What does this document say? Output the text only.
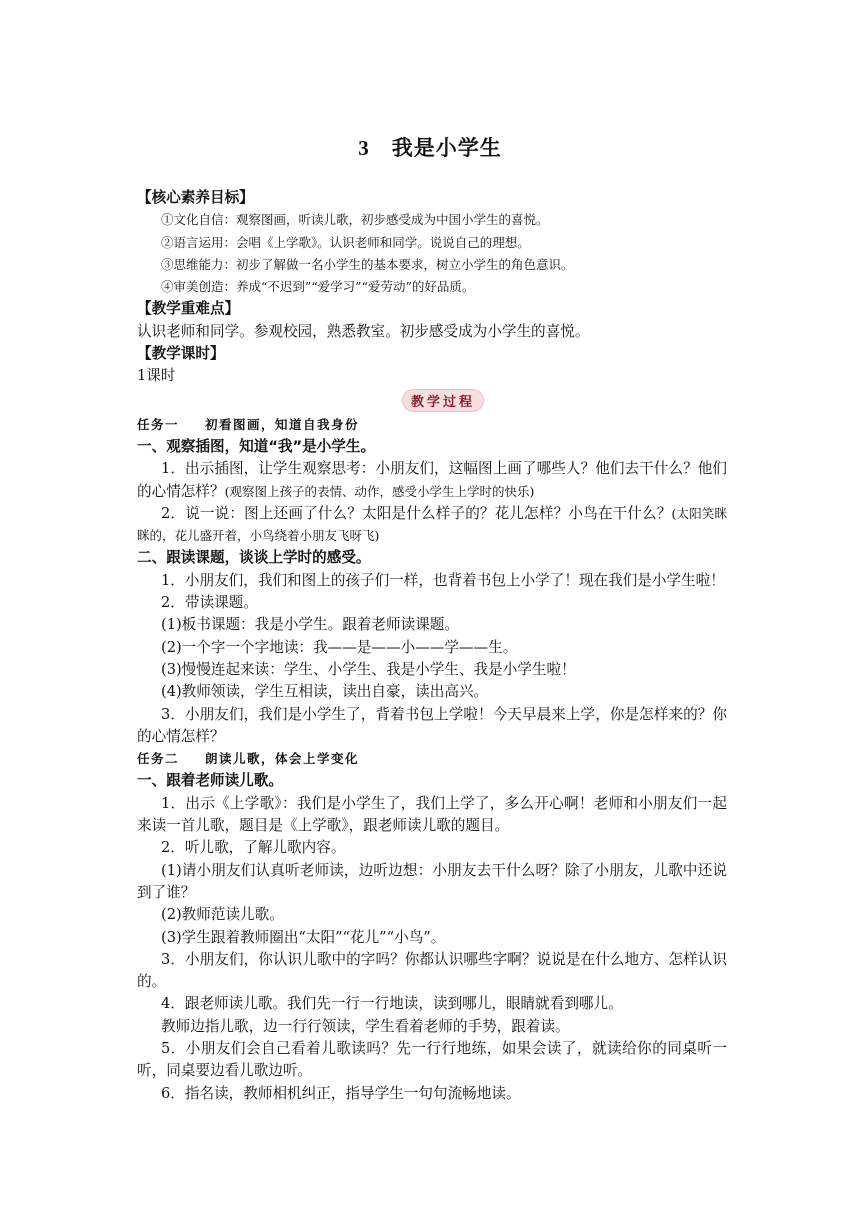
3 我是小学生
【核心素养目标】
①文化自信：观察图画，听读儿歌，初步感受成为中国小学生的喜悦。
②语言运用：会唱《上学歌》。认识老师和同学。说说自己的理想。
③思维能力：初步了解做一名小学生的基本要求，树立小学生的角色意识。
④审美创造：养成“不迟到”“爱学习”“爱劳动”的好品质。
【教学重难点】
认识老师和同学。参观校园，熟悉教室。初步感受成为小学生的喜悦。
【教学课时】
1课时
教学过程
任务一 初看图画，知道自我身份
一、观察插图，知道“我”是小学生。
1．出示插图，让学生观察思考：小朋友们，这幅图上画了哪些人？他们去干什么？他们的心情怎样？(观察图上孩子的表情、动作，感受小学生上学时的快乐)
2．说一说：图上还画了什么？太阳是什么样子的？花儿怎样？小鸟在干什么？(太阳笑眯眯的，花儿盛开着，小鸟绕着小朋友飞呀飞)
二、跟读课题，谈谈上学时的感受。
1．小朋友们，我们和图上的孩子们一样，也背着书包上小学了！现在我们是小学生啦！
2．带读课题。
(1)板书课题：我是小学生。跟着老师读课题。
(2)一个字一个字地读：我——是——小——学——生。
(3)慢慢连起来读：学生、小学生、我是小学生、我是小学生啦！
(4)教师领读，学生互相读，读出自豪，读出高兴。
3．小朋友们，我们是小学生了，背着书包上学啦！今天早晨来上学，你是怎样来的？你的心情怎样？
任务二 朗读儿歌，体会上学变化
一、跟着老师读儿歌。
1．出示《上学歌》：我们是小学生了，我们上学了，多么开心啊！老师和小朋友们一起来读一首儿歌，题目是《上学歌》，跟老师读儿歌的题目。
2．听儿歌，了解儿歌内容。
(1)请小朋友们认真听老师读，边听边想：小朋友去干什么呀？除了小朋友，儿歌中还说到了谁？
(2)教师范读儿歌。
(3)学生跟着教师圈出“太阳”“花儿”“小鸟”。
3．小朋友们，你认识儿歌中的字吗？你都认识哪些字啊？说说是在什么地方、怎样认识的。
4．跟老师读儿歌。我们先一行一行地读，读到哪儿，眼睛就看到哪儿。
教师边指儿歌，边一行行领读，学生看着老师的手势，跟着读。
5．小朋友们会自己看着儿歌读吗？先一行行地练，如果会读了，就读给你的同桌听一听，同桌要边看儿歌边听。
6．指名读，教师相机纠正，指导学生一句句流畅地读。
